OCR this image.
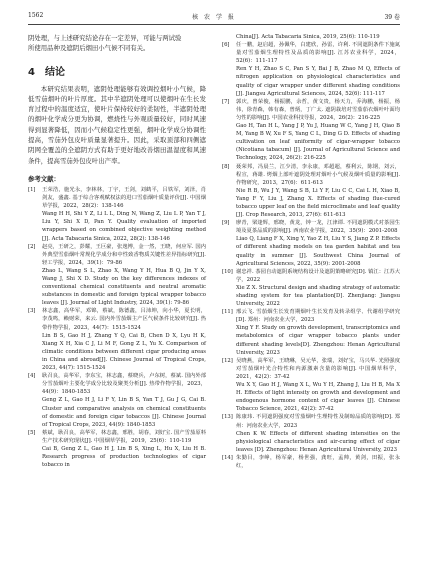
1562	核 农 学 报	39 卷

阴处理，与上述研究结论存在一定差异，可能与两试验

所使用品种及遮阴后烟田小气候不同有关。

4 结论

本研究结果表明，遮阴处理能够有效调控烟叶小气候，降低雪茄烟叶的叶片厚度。其中半遮阴处理可以使烟叶在生长发育过程中的温度适宜，使叶片保持较好的柔韧性，半遮阴处理的烟叶化学成分更为协调，燃烧性与外观质量较好，同时风速得到显著降低，因而小气候稳定性更强，烟叶化学成分协调性提高，雪茄外包皮叶质量显著提升。因此，采取顶部和四侧遮阴网全覆盖的全遮阴方式有助于更好地改善烟田温湿度和风速条件，提高雪茄外包皮叶出产率。

参考文献：

[1] 王荣浩，施光永，李林林，丁宇，王剑，刘鹤平，吕铁军，刘泽，肖剑友，盛鑫. 基于综合客观赋权法的进口雪茄烟叶质量评价[J]. 中国烟草学报，2022，28(2)：138-146

Wang H H, Shi Y Z, Li L L, Ding N, Wang Z, Liu L P, Yan T J, Liu Y, Shi X D, Pan Y. Quality evaluation of imported wrappers based on combined objective weighting method [J]. Acta Tabacaria Sinica, 2022, 28(2): 138-146

[2] 赵亮，王研之，彭耀，王巨豪，张逸博，金一然，王晓，何应军. 国内外典型雪茄烟叶常规化学成分和中性致香物质关键性差异指标研究[J]. 轻工学报，2024，39(1)：79-86

Zhao L, Wang S L, Zhao X, Wang Y H, Hua B Q, Jin Y X, Wang J, Shi X D. Study on the key differences indexes of conventional chemical constituents and neutral aromatic substances in domestic and foreign typical wrapper tobacco leaves [J]. Journal of Light Industry, 2024, 39(1): 79-86

[3] 林志鑫，高华军，邓锦，蔡斌，陈德鑫，吕沛坤，向小华，夏长明，李茂鸣，赖财荣，来云. 国内外雪茄烟主产区气候条件比较研究[J]. 热带作物学报，2023，44(7)：1515-1524

Lin B S, Gao H J, Zhang Y Q, Cai B, Chen D X, Lyu H K, Xiang X H, Xia C J, Li M F, Gong Z L, Yu X. Comparison of climatic conditions between different cigar producing areas in China and abroad[J]. Chinese Journal of Tropical Crops, 2023, 44(7): 1515-1524

[4] 耿召良，高华军，李东宝，林志鑫，蔡晓兵，卢东树，蔡斌. 国内外部分雪茄烟叶主要化学成分比较及聚类分析[J]. 热带作物学报，2023，44(9)：1840-1853

Geng Z L, Gao H J, Li F Y, Lin B S, Yan T J, Gu J G, Cai B. Cluster and comparative analysis on chemical constituents of domestic and foreign cigar tobaccos [J]. Chinese Journal of Tropical Crops, 2023, 44(9): 1840-1853

[5] 蔡斌，耿召良，高华军，林志鑫，邢胜，胡春，刘好宝. 国产雪茄原料生产技术研究现状[J]. 中国烟草学报，2019，25(6)：110-119

Cai B, Geng Z L, Gao H J, Lin B S, Xing L, Hu X, Liu H B. Research progress of production technologies of cigar tobacco in

China[J]. Acta Tabacaria Sinica, 2019, 25(6): 110-119

[6] 任一鹏，赵启超，孙佩华，白建欣，孙雷，许利. 不同遮阴条件下施氮量对雪茄烟生理特性及品质的影响[J]. 江苏农业科学，2024，52(6)：111-117

Ren Y H, Zhao S C, Pan S Y, Bai J B, Zhao M Q, Effects of nitrogen application on physiological characteristics and quality of cigar wrapper under different shading conditions [J]. Jiangsu Agricultural Sciences, 2024, 52(6): 111-117

[7] 郭庆，曾荣俊，杨振鹏，余哲，黄文贵，杨天力，乔海鹏，杨振，杨伟，徐青森，韩有森，曾炳，丁广太. 遮阴栽培对雪茄茄衣烟叶叶面均匀性的影响[J]. 中国农业科技导报，2024，26(2)：216-225

Gao H, Tan H L, Yang J P, Yu J, Huang W C, Yang J H, Qiao B M, Yang B W, Xu F S, Yang C L, Ding G D. Effects of shading cultivation on leaf uniformity of cigar-wrapper tobacco (Nicotiana tabacum) [J]. Journal of Agricultural Science and Technology, 2024, 26(2): 216-225

[8] 聂荣邦，冯晨兰，江少清，李永康，邓超超，蔡利云，陈钢，刘云，程宣，蒋雄. 烤烟上部叶遮阴处理对烟叶小气候及烟叶质量的影响[J]. 作物研究，2013，27(6)：611-613

Nie R B, Wu J Y, Wang S B, Li Y F, Liu C C, Cai L H, Xiao B, Yang F Y, Liu J, Zhang X. Effects of shading flue-cured tobacco upper leaf on the field microclimate and leaf quality [J]. Crop Research, 2013, 27(6): 611-613

[9] 廖青，梁逢辉，邢晓，黄龙，钟一龙，江津谭. 不同遮阴模式对茶园生境及夏茶品质的影响[J]. 西南农业学报，2022，35(9)：2001-2008

Liao Q, Liang F X, Xing Y, Yao Z H, Liu Y S, Jiang Z P. Effects of different shading models on tea garden habitat and tea quality in summer [J]. Southwest China Journal of Agricultural Sciences, 2022, 35(9): 2001-2008

[10] 谢忠祥. 茶园自动遮阴系统结构设计及遮阴策略研究[D]. 镇江：江苏大学，2022

Xie Z X. Structural design and shading strategy of automatic shading system for tea plantation[D]. Zhenjiang: Jiangsu University, 2022

[11] 邢云飞. 雪茄烟生长发育期烟叶生长发育及转录组学、代谢组学研究[D]. 郑州：河南农业大学，2023

Xing Y F. Study on growth development, transcriptomics and metabolomics of cigar wrapper tobacco plants under different shading levels[D]. Zhengzhou: Henan Agricultural University, 2023

[12] 吴晓燕，高华军，王晓琳，吴元华，张瑞，刘好宝，马兴华. 光照强度对雪茄烟叶光合特性和内源激素含量的影响[J]. 中国烟草科学，2021，42(2)：37-42

Wu X Y, Gao H J, Wang X L, Wu Y H, Zhang J, Liu H B, Ma X H. Effects of light intensity on growth and development and endogenous hormone content of cigar leaves [J]. Chinese Tobacco Science, 2021, 42(2): 37-42

[13] 陈康玮. 不同遮阴强度对雪茄烟叶生理特性及制晾品质的影响[D]. 郑州：河南农业大学，2023

Chen K W. Effects of different shading intensities on the physiological characteristics and air-curing effect of cigar leaves [D]. Zhengzhou: Henan Agricultural University, 2023

[14] 朱勤目，李峥，杨军豪，杨世强，龚旺，孟帅，黄剑，田振，张永红，
